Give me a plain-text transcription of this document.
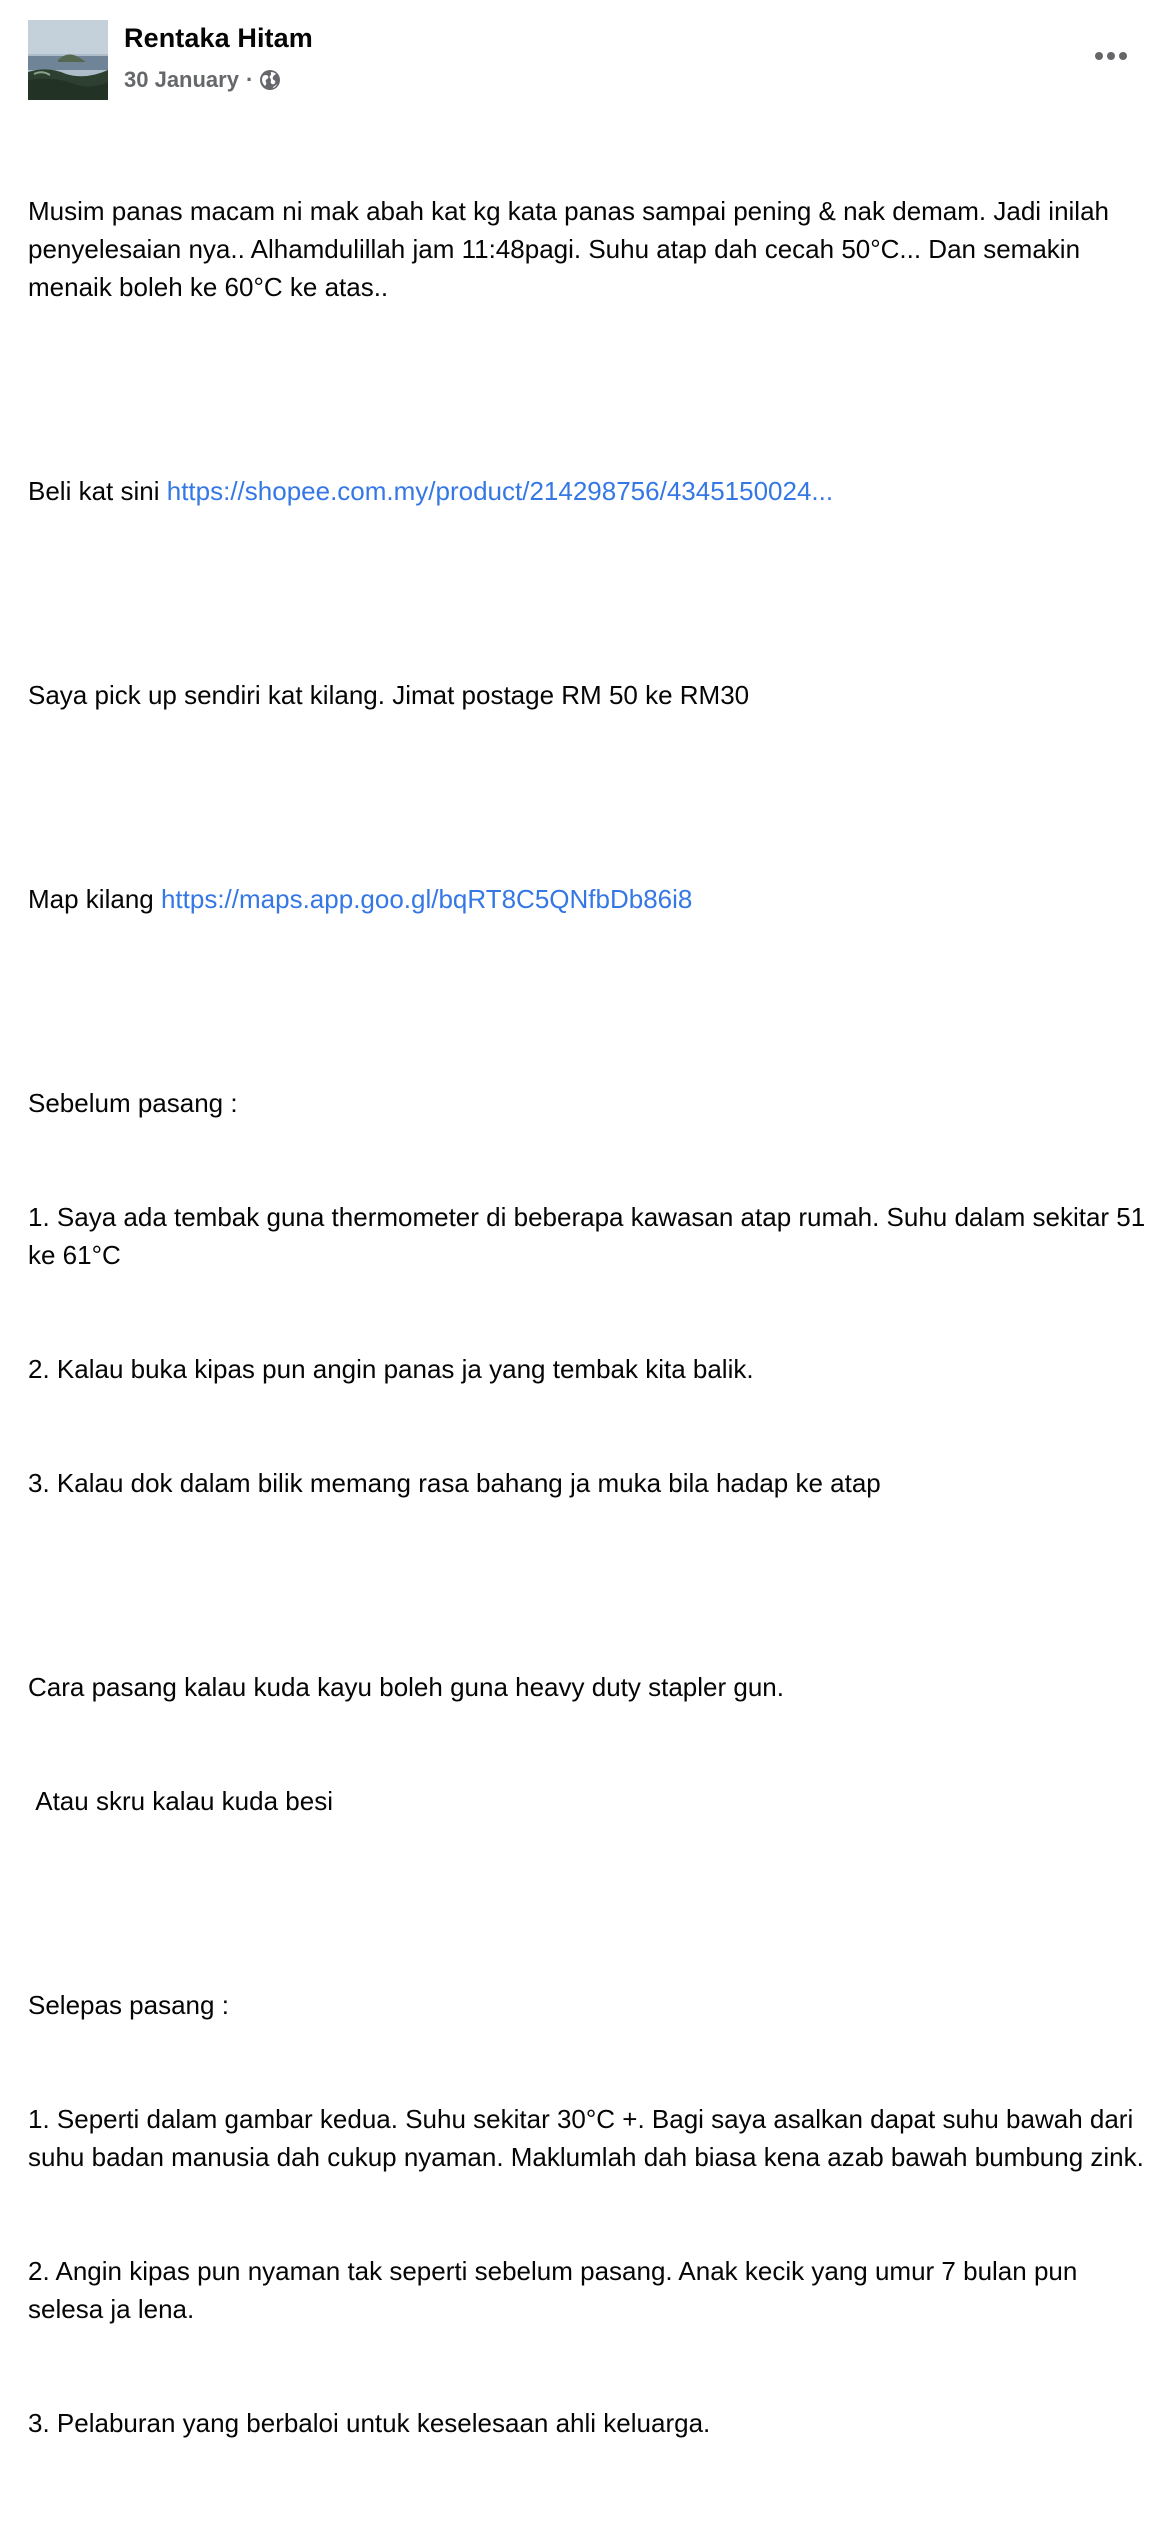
Rentaka Hitam
30 January ·

Musim panas macam ni mak abah kat kg kata panas sampai pening & nak demam. Jadi inilah penyelesaian nya.. Alhamdulillah jam 11:48pagi. Suhu atap dah cecah 50°C... Dan semakin menaik boleh ke 60°C ke atas..

Beli kat sini https://shopee.com.my/product/214298756/4345150024...

Saya pick up sendiri kat kilang. Jimat postage RM 50 ke RM30

Map kilang https://maps.app.goo.gl/bqRT8C5QNfbDb86i8

Sebelum pasang :

1. Saya ada tembak guna thermometer di beberapa kawasan atap rumah. Suhu dalam sekitar 51 ke 61°C

2. Kalau buka kipas pun angin panas ja yang tembak kita balik.

3. Kalau dok dalam bilik memang rasa bahang ja muka bila hadap ke atap

Cara pasang kalau kuda kayu boleh guna heavy duty stapler gun.

Atau skru kalau kuda besi

Selepas pasang :

1. Seperti dalam gambar kedua. Suhu sekitar 30°C +. Bagi saya asalkan dapat suhu bawah dari suhu badan manusia dah cukup nyaman. Maklumlah dah biasa kena azab bawah bumbung zink.

2. Angin kipas pun nyaman tak seperti sebelum pasang. Anak kecik yang umur 7 bulan pun selesa ja lena.

3. Pelaburan yang berbaloi untuk keselesaan ahli keluarga.
